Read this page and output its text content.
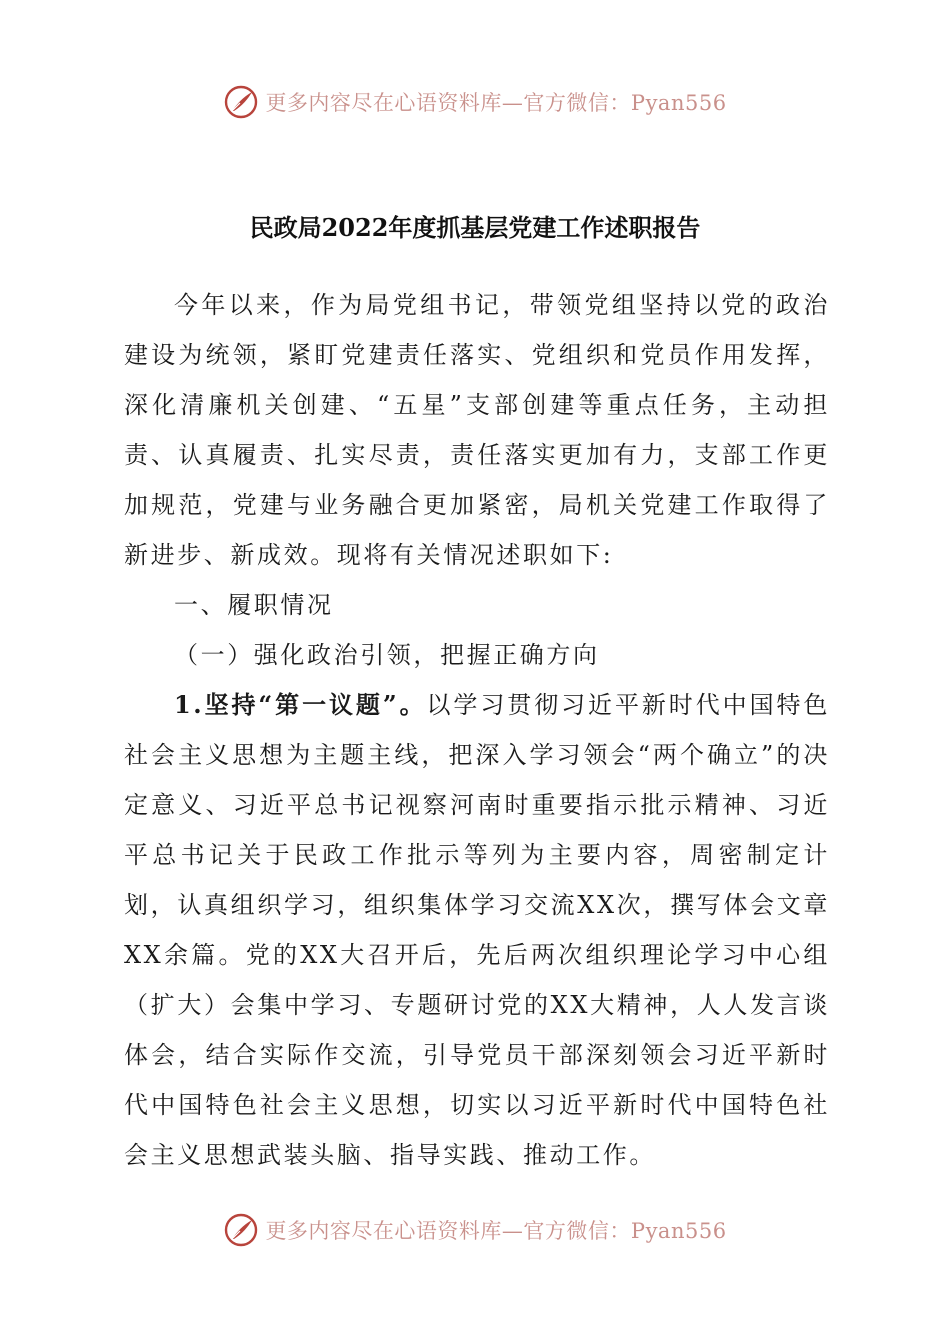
更多内容尽在心语资料库—官方微信：Pyan556
民政局2022年度抓基层党建工作述职报告

今年以来，作为局党组书记，带领党组坚持以党的政治建设为统领，紧盯党建责任落实、党组织和党员作用发挥，深化清廉机关创建、“五星”支部创建等重点任务，主动担责、认真履责、扎实尽责，责任落实更加有力，支部工作更加规范，党建与业务融合更加紧密，局机关党建工作取得了新进步、新成效。现将有关情况述职如下:

一、履职情况

（一）强化政治引领，把握正确方向

1.坚持“第一议题”。以学习贯彻习近平新时代中国特色社会主义思想为主题主线，把深入学习领会“两个确立”的决定意义、习近平总书记视察河南时重要指示批示精神、习近平总书记关于民政工作批示等列为主要内容，周密制定计划，认真组织学习，组织集体学习交流XX次，撰写体会文章XX余篇。党的XX大召开后，先后两次组织理论学习中心组（扩大）会集中学习、专题研讨党的XX大精神，人人发言谈体会，结合实际作交流，引导党员干部深刻领会习近平新时代中国特色社会主义思想，切实以习近平新时代中国特色社会主义思想武装头脑、指导实践、推动工作。

更多内容尽在心语资料库—官方微信：Pyan556
